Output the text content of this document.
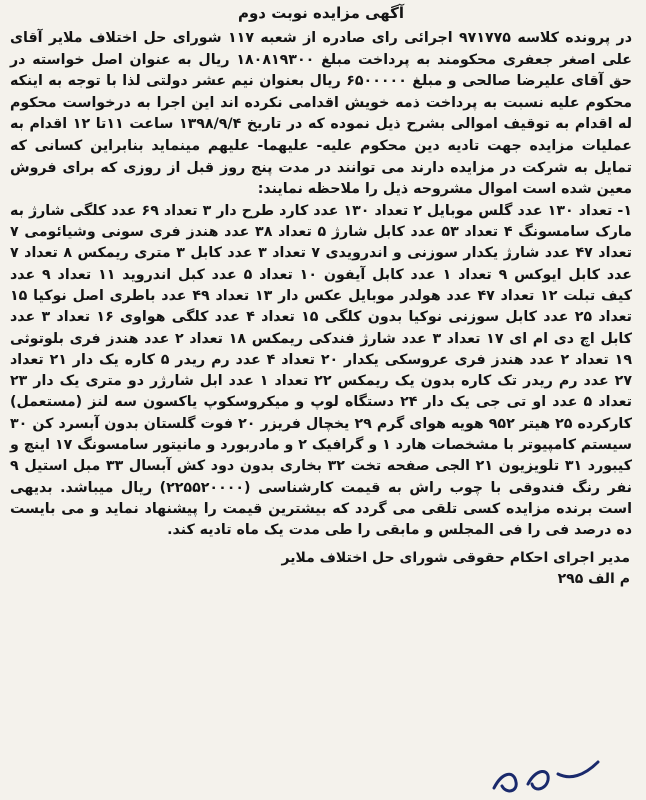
آگهی مزایده نوبت دوم
در پرونده کلاسه ۹۷۱۷۷۵ اجرائی رای صادره از شعبه ۱۱۷ شورای حل اختلاف ملایر آقای علی اصغر جعفری محکومند به پرداخت مبلغ ۱۸۰۸۱۹۳۰۰ ریال به عنوان اصل خواسته در حق آقای علیرضا صالحی و مبلغ ۶۵۰۰۰۰۰ ریال بعنوان نیم عشر دولتی لذا با توجه به اینکه محکوم علیه نسبت به پرداخت ذمه خویش اقدامی نکرده اند این اجرا به درخواست محکوم له اقدام به توقیف اموالی بشرح ذیل نموده که در تاریخ ۱۳۹۸/۹/۴ ساعت ۱۱تا ۱۲ اقدام به عملیات مزایده جهت تادیه دین محکوم علیه- علیهما- علیهم مینماید بنابراین کسانی که تمایل به شرکت در مزایده دارند می توانند در مدت پنج روز قبل از روزی که برای فروش معین شده است اموال مشروحه ذیل را ملاحظه نمایند:
۱- تعداد ۱۳۰ عدد گلس موبایل ۲ تعداد ۱۳۰ عدد کارد طرح دار ۳ تعداد ۶۹ عدد کلگی شارژ به مارک سامسونگ ۴ تعداد ۵۳ عدد کابل شارژ ۵ تعداد ۳۸ عدد هندز فری سونی وشیائومی ۷ تعداد ۴۷ عدد شارژ یکدار سوزنی و اندرویدی ۷ تعداد ۳ عدد کابل ۳ متری ریمکس ۸ تعداد ۷ عدد کابل ایوکس ۹ تعداد ۱ عدد کابل آیفون ۱۰ تعداد ۵ عدد کبل اندروید ۱۱ تعداد ۹ عدد کیف تبلت ۱۲ تعداد ۴۷ عدد هولدر موبایل عکس دار ۱۳ تعداد ۴۹ عدد باطری اصل نوکیا ۱۵ تعداد ۲۵ عدد کابل سوزنی نوکیا بدون کلگی ۱۵ تعداد ۴ عدد کلگی هواوی ۱۶ تعداد ۳ عدد کابل اچ دی ام ای ۱۷ تعداد ۳ عدد شارژ فندکی ریمکس ۱۸ تعداد ۲ عدد هندز فری بلوتوثی ۱۹ تعداد ۲ عدد هندز فری عروسکی یکدار ۲۰ تعداد ۴ عدد رم ریدر ۵ کاره یک دار ۲۱ تعداد ۲۷ عدد رم ریدر تک کاره بدون یک ریمکس ۲۲ تعداد ۱ عدد ابل شارژر دو متری یک دار ۲۳ تعداد ۵ عدد او تی جی یک دار ۲۴ دستگاه لوپ و میکروسکوپ یاکسون سه لنز (مستعمل) کارکرده ۲۵ هیتر ۹۵۲ هویه هوای گرم ۲۹ یخچال فریزر ۲۰ فوت گلستان بدون آبسرد کن ۳۰ سیستم کامپیوتر با مشخصات هارد ۱ و گرافیک ۲ و مادربورد و مانیتور سامسونگ ۱۷ اینچ و کیبورد ۳۱ تلویزیون ۲۱ الجی صفحه تخت ۳۲ بخاری بدون دود کش آبسال ۳۳ مبل استیل ۹ نفر رنگ فندوقی با چوب راش به قیمت کارشناسی (۲۲۵۵۲۰۰۰۰) ریال میباشد. بدیهی است برنده مزایده کسی تلقی می گردد که بیشترین قیمت را پیشنهاد نماید و می بایست ده درصد فی را فی المجلس و مابقی را طی مدت یک ماه تادیه کند.
مدیر اجرای احکام حقوقی شورای حل اختلاف ملایر
م الف ۲۹۵
